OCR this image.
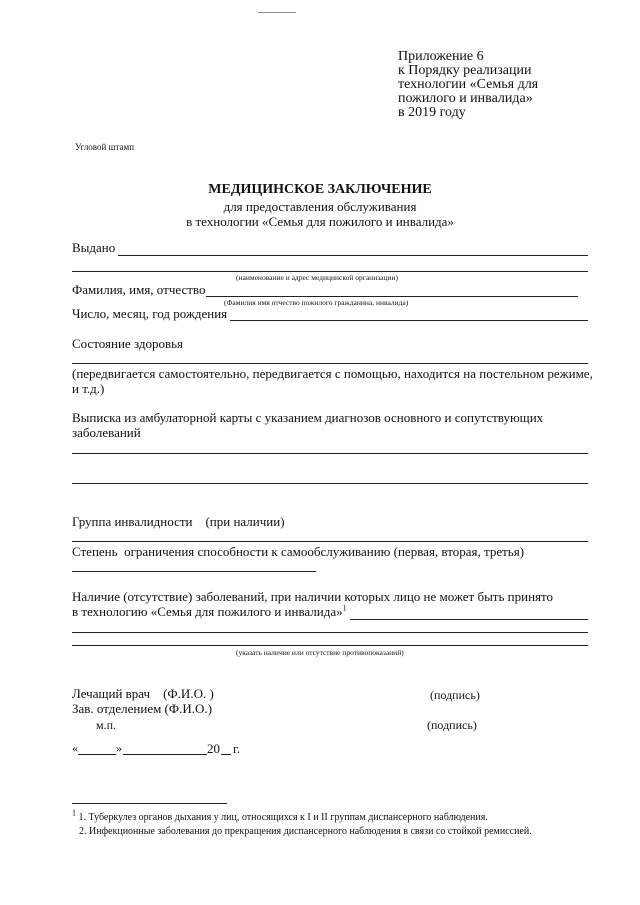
Приложение 6
к Порядку реализации
технологии «Семья для
пожилого и инвалида»
в 2019 году
Угловой штамп
МЕДИЦИНСКОЕ ЗАКЛЮЧЕНИЕ
для предоставления обслуживания
в технологии «Семья для пожилого и инвалида»
Выдано
(наименование и адрес медицинской организации)
Фамилия, имя, отчество
(Фамилия имя отчество пожилого гражданина, инвалида)
Число, месяц, год рождения
Состояние здоровья
(передвигается самостоятельно, передвигается с помощью, находится на постельном режиме,
и т.д.)
Выписка из амбулаторной карты с указанием диагнозов основного и сопутствующих
заболеваний
Группа инвалидности    (при наличии)
Степень  ограничения способности к самообслуживанию (первая, вторая, третья)
Наличие (отсутствие) заболеваний, при наличии которых лицо не может быть принято
в технологию «Семья для пожилого и инвалида»$^1$
(указать наличие или отсутствие противопоказаний)
Лечащий врач    (Ф.И.О. )	(подпись)
Зав. отделением (Ф.И.О.)
м.п.	(подпись)
«	»	20 г.
$^1$ 1. Туберкулез органов дыхания у лиц, относящихся к I и II группам диспансерного наблюдения.
2. Инфекционные заболевания до прекращения диспансерного наблюдения в связи со стойкой ремиссией.
